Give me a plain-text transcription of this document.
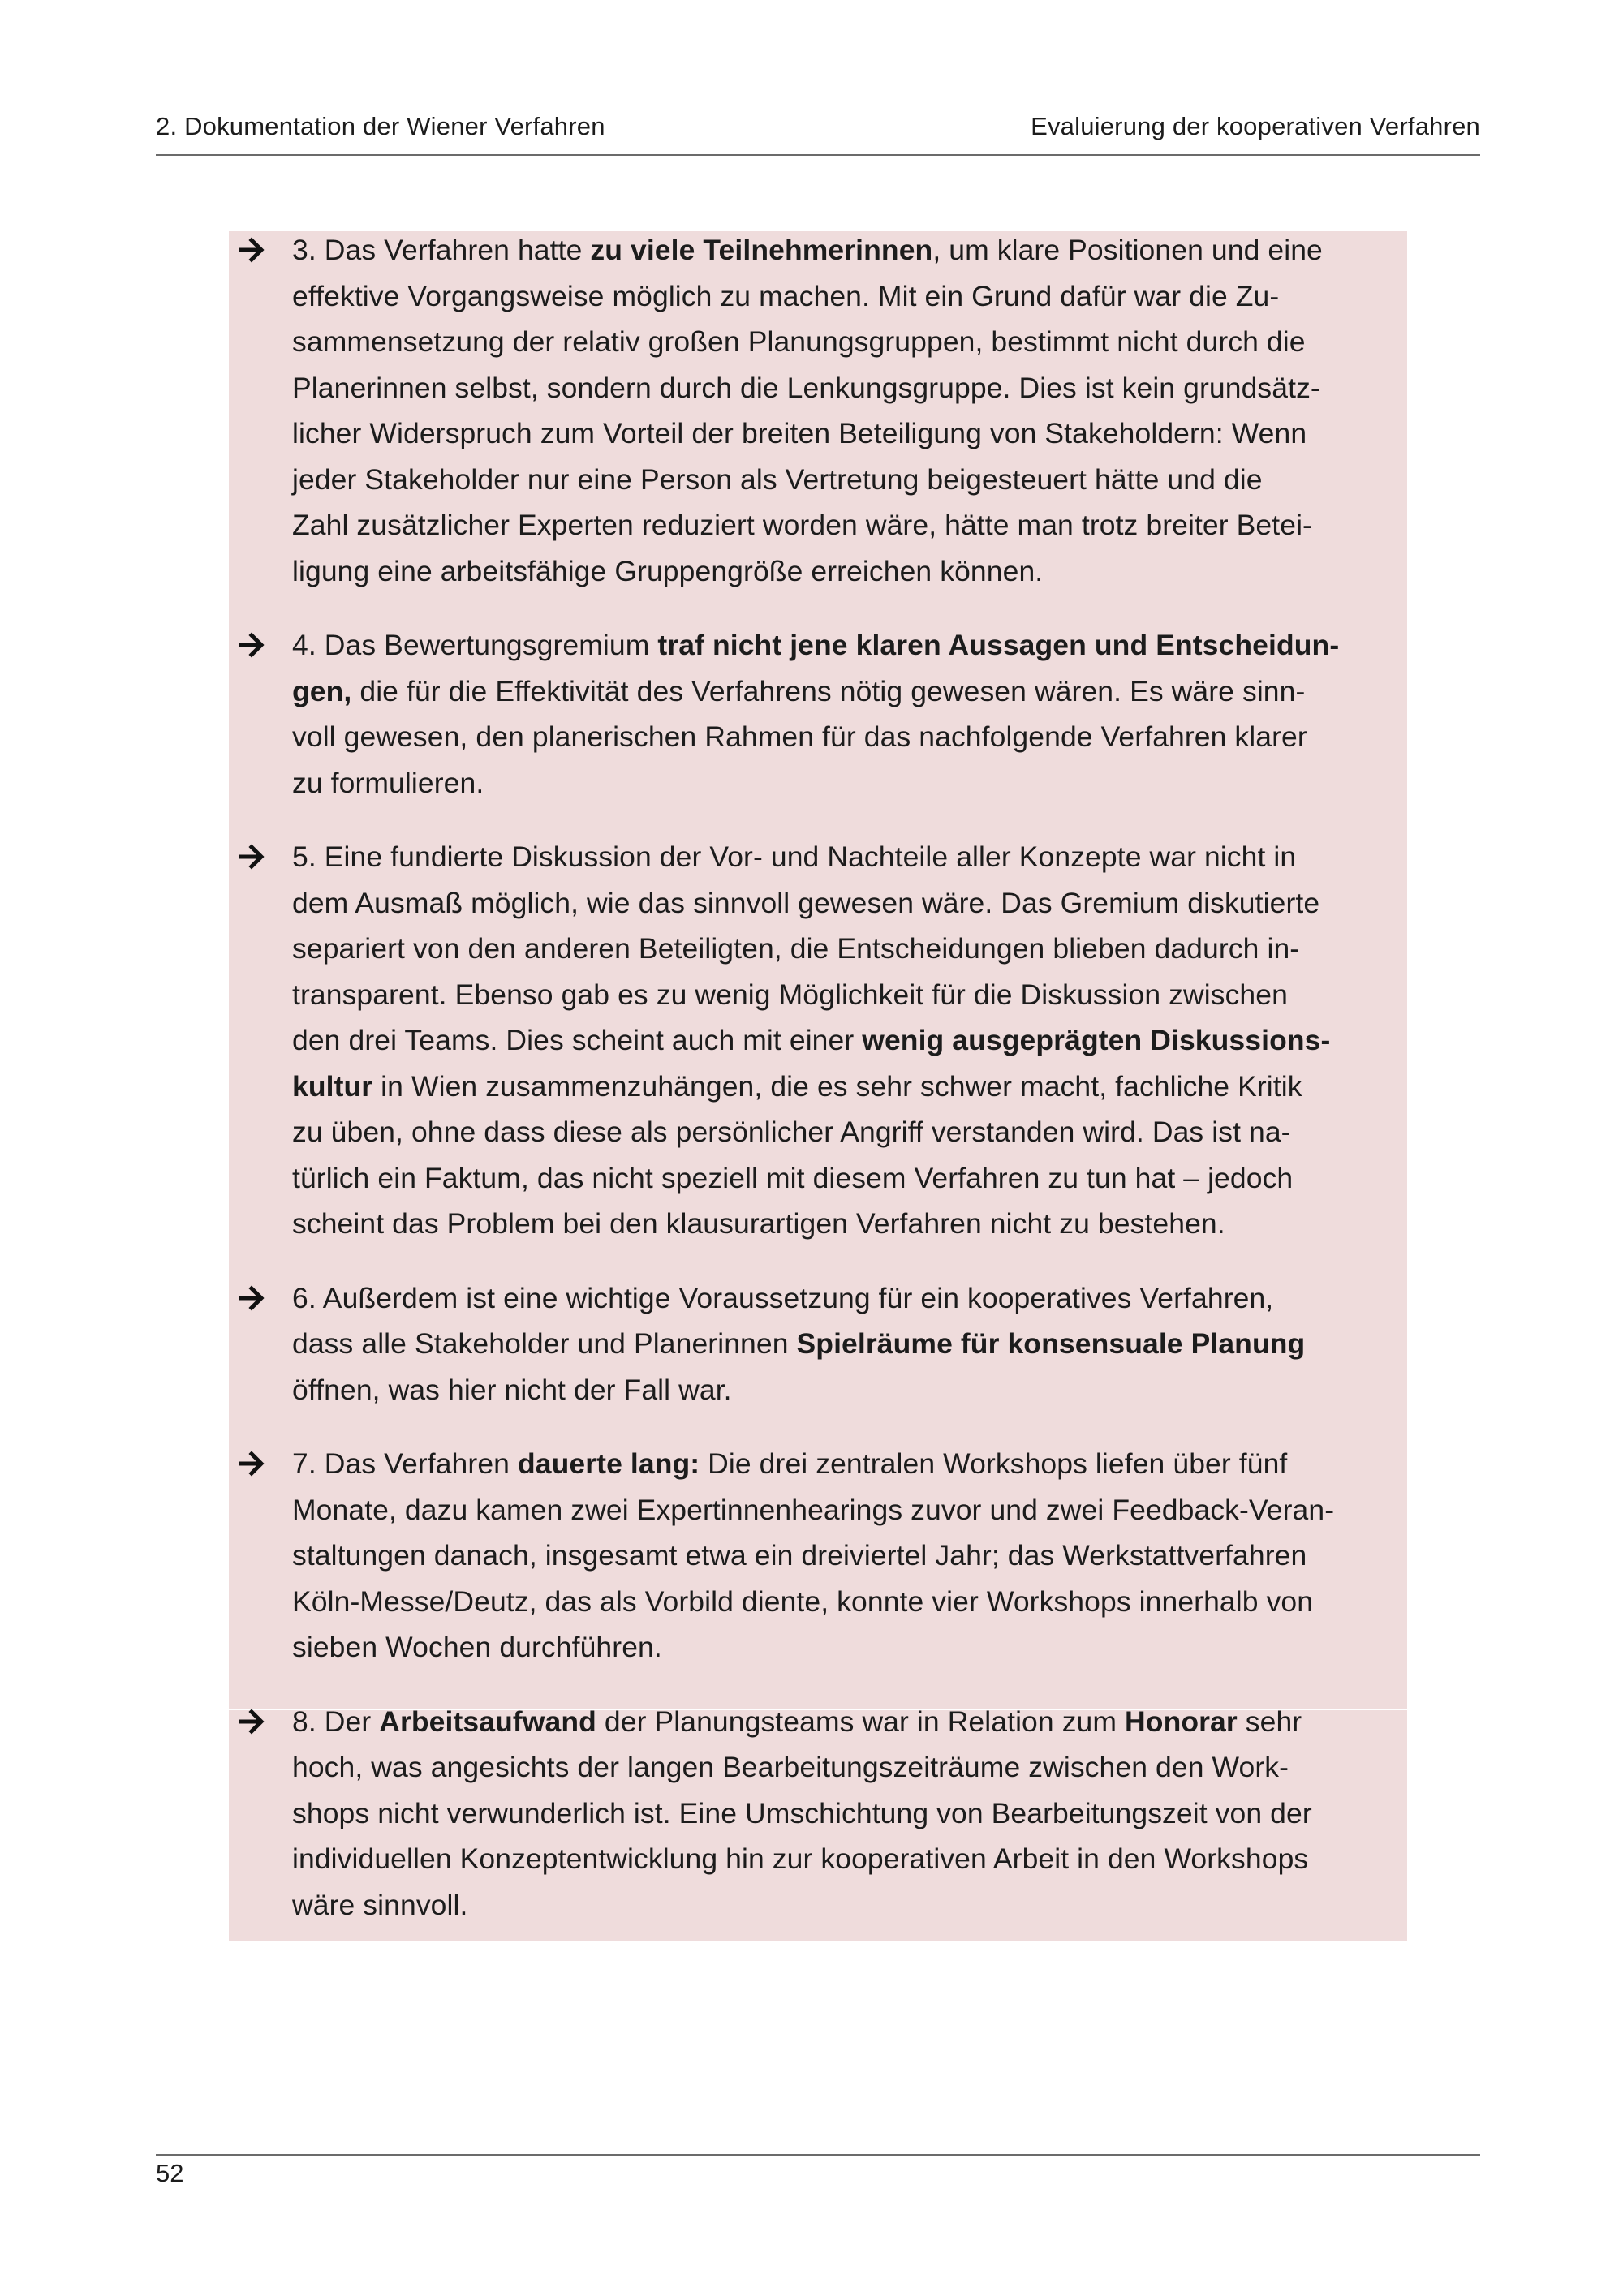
2. Dokumentation der Wiener Verfahren	Evaluierung der kooperativen Verfahren
3. Das Verfahren hatte zu viele Teilnehmerinnen, um klare Positionen und eine
effektive Vorgangsweise möglich zu machen. Mit ein Grund dafür war die Zu-
sammensetzung der relativ großen Planungsgruppen, bestimmt nicht durch die
Planerinnen selbst, sondern durch die Lenkungsgruppe. Dies ist kein grundsätz-
licher Widerspruch zum Vorteil der breiten Beteiligung von Stakeholdern: Wenn
jeder Stakeholder nur eine Person als Vertretung beigesteuert hätte und die
Zahl zusätzlicher Experten reduziert worden wäre, hätte man trotz breiter Betei-
ligung eine arbeitsfähige Gruppengröße erreichen können.
4. Das Bewertungsgremium traf nicht jene klaren Aussagen und Entscheidun-
gen, die für die Effektivität des Verfahrens nötig gewesen wären. Es wäre sinn-
voll gewesen, den planerischen Rahmen für das nachfolgende Verfahren klarer
zu formulieren.
5. Eine fundierte Diskussion der Vor- und Nachteile aller Konzepte war nicht in
dem Ausmaß möglich, wie das sinnvoll gewesen wäre. Das Gremium diskutierte
separiert von den anderen Beteiligten, die Entscheidungen blieben dadurch in-
transparent. Ebenso gab es zu wenig Möglichkeit für die Diskussion zwischen
den drei Teams. Dies scheint auch mit einer wenig ausgeprägten Diskussions-
kultur in Wien zusammenzuhängen, die es sehr schwer macht, fachliche Kritik
zu üben, ohne dass diese als persönlicher Angriff verstanden wird. Das ist na-
türlich ein Faktum, das nicht speziell mit diesem Verfahren zu tun hat – jedoch
scheint das Problem bei den klausurartigen Verfahren nicht zu bestehen.
6. Außerdem ist eine wichtige Voraussetzung für ein kooperatives Verfahren,
dass alle Stakeholder und Planerinnen Spielräume für konsensuale Planung
öffnen, was hier nicht der Fall war.
7. Das Verfahren dauerte lang: Die drei zentralen Workshops liefen über fünf
Monate, dazu kamen zwei Expertinnenhearings zuvor und zwei Feedback-Veran-
staltungen danach, insgesamt etwa ein dreiviertel Jahr; das Werkstattverfahren
Köln-Messe/Deutz, das als Vorbild diente, konnte vier Workshops innerhalb von
sieben Wochen durchführen.
8. Der Arbeitsaufwand der Planungsteams war in Relation zum Honorar sehr
hoch, was angesichts der langen Bearbeitungszeiträume zwischen den Work-
shops nicht verwunderlich ist. Eine Umschichtung von Bearbeitungszeit von der
individuellen Konzeptentwicklung hin zur kooperativen Arbeit in den Workshops
wäre sinnvoll.
52
